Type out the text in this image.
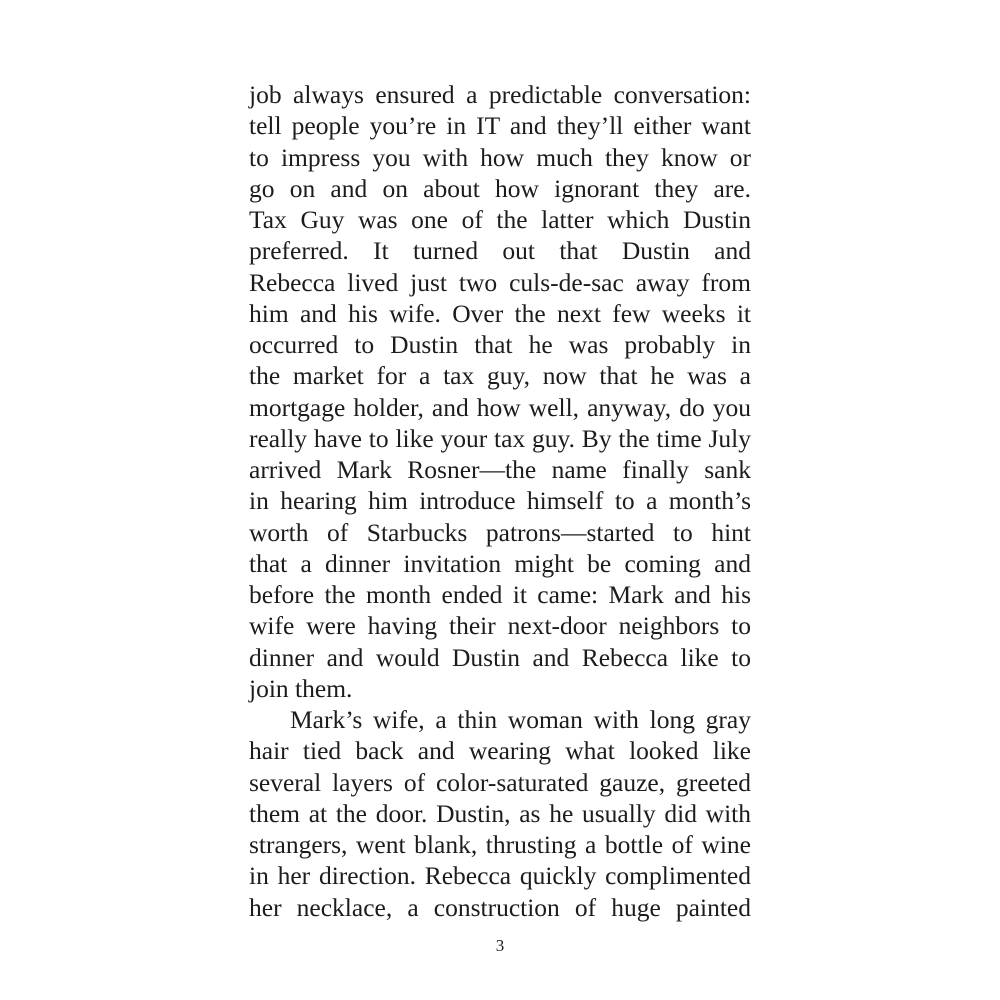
job always ensured a predictable conversation:
tell people you’re in IT and they’ll either want
to impress you with how much they know or
go on and on about how ignorant they are.
Tax Guy was one of the latter which Dustin
preferred. It turned out that Dustin and
Rebecca lived just two culs-de-sac away from
him and his wife. Over the next few weeks it
occurred to Dustin that he was probably in
the market for a tax guy, now that he was a
mortgage holder, and how well, anyway, do you
really have to like your tax guy. By the time July
arrived Mark Rosner—the name finally sank
in hearing him introduce himself to a month’s
worth of Starbucks patrons—started to hint
that a dinner invitation might be coming and
before the month ended it came: Mark and his
wife were having their next-door neighbors to
dinner and would Dustin and Rebecca like to
join them.
Mark’s wife, a thin woman with long gray
hair tied back and wearing what looked like
several layers of color-saturated gauze, greeted
them at the door. Dustin, as he usually did with
strangers, went blank, thrusting a bottle of wine
in her direction. Rebecca quickly complimented
her necklace, a construction of huge painted
3
